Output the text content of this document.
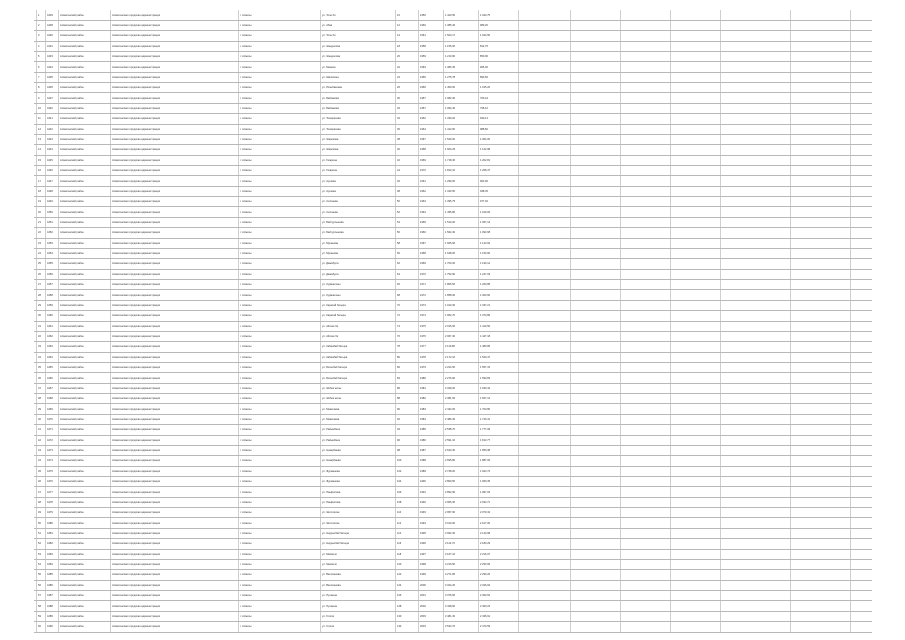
1	4439	Алматинский район	Алматинская городская администрация	г. Алматы	ул. Толе би	10	1956	1 420,50	1 020,75
2	4438	Алматинский район	Алматинская городская администрация	г. Алматы	ул. Абая	12	1960	1 385,40	980,20
3	4430	Алматинский район	Алматинская городская администрация	г. Алматы	ул. Толе би	14	1961	1 503,17	1 044,50
4	4431	Алматинский район	Алматинская городская администрация	г. Алматы	ул. Жандосова	18	1958	1 155,00	812,75
5	4433	Алматинский район	Алматинская городская администрация	г. Алматы	ул. Жандосова	20	1959	1 210,90	850,00
6	4434	Алматинский район	Алматинская городская администрация	г. Алматы	ул. Манаса	22	1963	1 380,45	965,30
7	4435	Алматинский район	Алматинская городская администрация	г. Алматы	ул. Шаляпина	24	1965	1 275,78	890,66
8	4436	Алматинский район	Алматинская городская администрация	г. Алматы	ул. Розыбакиева	26	1966	1 450,00	1 015,20
9	4437	Алматинский район	Алматинская городская администрация	г. Алматы	ул. Байзакова	30	1957	1 082,30	760,44
10 4440	Алматинский район	Алматинская городская администрация	г. Алматы	ул. Байзакова	32	1957	1 094,40	768,10
11 4441	Алматинский район	Алматинская городская администрация	г. Алматы	ул. Тимирязева	34	1962	1 330,20	930,14
12 4442	Алматинский район	Алматинская городская администрация	г. Алматы	ул. Тимирязева	36	1964	1 412,60	988,82
13 4443	Алматинский район	Алматинская городская администрация	г. Алматы	ул. Жарокова	38	1967	1 520,00	1 064,00
14 4444	Алматинский район	Алматинская городская администрация	г. Алматы	ул. Жарокова	40	1968	1 604,25	1 122,98
15 4445	Алматинский район	Алматинская городская администрация	г. Алматы	ул. Гагарина	42	1969	1 718,30	1 202,81
16 4446	Алматинский район	Алматинская городская администрация	г. Алматы	ул. Гагарина	44	1970	1 812,10	1 268,47
17 4447	Алматинский район	Алматинская городская администрация	г. Алматы	ул. Ауэзова	46	1961	1 290,00	903,00
18 4448	Алматинский район	Алматинская городская администрация	г. Алматы	ул. Ауэзова	48	1962	1 340,50	938,35
19 4449	Алматинский район	Алматинская городская администрация	г. Алматы	ул. Сатпаева	50	1963	1 395,75	977,02
20 4450	Алматинский район	Алматинская городская администрация	г. Алматы	ул. Сатпаева	52	1964	1 455,80	1 019,06
21 4451	Алматинский район	Алматинская городская администрация	г. Алматы	ул. Байтурсынова	54	1965	1 510,20	1 057,14
22 4452	Алматинский район	Алматинская городская администрация	г. Алматы	ул. Байтурсынова	56	1966	1 562,40	1 093,68
23 4453	Алматинский район	Алматинская городская администрация	г. Алматы	ул. Муканова	58	1967	1 605,60	1 123,92
24 4454	Алматинский район	Алматинская городская администрация	г. Алматы	ул. Муканова	60	1968	1 648,00	1 153,60
25 4455	Алматинский район	Алматинская городская администрация	г. Алматы	ул. Джамбула	62	1969	1 700,20	1 190,14
26 4456	Алматинский район	Алматинская городская администрация	г. Алматы	ул. Джамбула	64	1970	1 752,90	1 227,03
27 4457	Алматинский район	Алматинская городская администрация	г. Алматы	ул. Курмангазы	66	1971	1 805,50	1 263,85
28 4458	Алматинский район	Алматинская городская администрация	г. Алматы	ул. Курмангазы	68	1972	1 858,00	1 300,60
29 4459	Алматинский район	Алматинская городская администрация	г. Алматы	ул. Карасай батыра	70	1973	1 910,30	1 337,21
30 4460	Алматинский район	Алматинская городская администрация	г. Алматы	ул. Карасай батыра	72	1974	1 962,70	1 373,89
31 4461	Алматинский район	Алматинская городская администрация	г. Алматы	ул. Айтеке би	74	1975	2 015,00	1 410,50
32 4462	Алматинский район	Алматинская городская администрация	г. Алматы	ул. Айтеке би	76	1976	2 067,40	1 447,18
33 4463	Алматинский район	Алматинская городская администрация	г. Алматы	ул. Кабанбай батыра	78	1977	2 119,80	1 483,86
34 4464	Алматинский район	Алматинская городская администрация	г. Алматы	ул. Кабанбай батыра	80	1978	2 172,10	1 520,47
35 4465	Алматинский район	Алматинская городская администрация	г. Алматы	ул. Богенбай батыра	82	1979	2 224,50	1 557,15
36 4466	Алматинский район	Алматинская городская администрация	г. Алматы	ул. Богенбай батыра	84	1980	2 276,90	1 593,83
37 4467	Алматинский район	Алматинская городская администрация	г. Алматы	ул. Жибек жолы	86	1981	2 329,20	1 630,44
38 4468	Алматинский район	Алматинская городская администрация	г. Алматы	ул. Жибек жолы	88	1982	2 381,60	1 667,12
39 4469	Алматинский район	Алматинская городская администрация	г. Алматы	ул. Макатаева	90	1983	2 434,00	1 703,80
40 4470	Алматинский район	Алматинская городская администрация	г. Алматы	ул. Макатаева	92	1984	2 486,30	1 740,41
41 4471	Алматинский район	Алматинская городская администрация	г. Алматы	ул. Райымбека	94	1985	2 538,70	1 777,09
42 4472	Алматинский район	Алматинская городская администрация	г. Алматы	ул. Райымбека	96	1986	2 591,10	1 813,77
43 4473	Алматинский район	Алматинская городская администрация	г. Алматы	ул. Назарбаева	98	1987	2 643,40	1 850,38
44 4474	Алматинский район	Алматинская городская администрация	г. Алматы	ул. Назарбаева	100	1988	2 695,80	1 887,06
45 4475	Алматинский район	Алматинская городская администрация	г. Алматы	ул. Фурманова	102	1989	2 748,20	1 923,74
46 4476	Алматинский район	Алматинская городская администрация	г. Алматы	ул. Фурманова	104	1990	2 800,50	1 960,35
47 4477	Алматинский район	Алматинская городская администрация	г. Алматы	ул. Панфилова	106	1991	2 852,90	1 997,03
48 4478	Алматинский район	Алматинская городская администрация	г. Алматы	ул. Панфилова	108	1992	2 905,30	2 033,71
49 4479	Алматинский район	Алматинская городская администрация	г. Алматы	ул. Желтоксан	110	1993	2 957,60	2 070,32
50 4480	Алматинский район	Алматинская городская администрация	г. Алматы	ул. Желтоксан	112	1994	3 010,00	2 107,00
51 4481	Алматинский район	Алматинская городская администрация	г. Алматы	ул. Наурызбай батыра	114	1995	3 062,40	2 143,68
52 4482	Алматинский район	Алматинская городская администрация	г. Алматы	ул. Наурызбай батыра	116	1996	3 114,70	2 180,29
53 4483	Алматинский район	Алматинская городская администрация	г. Алматы	ул. Масанчи	118	1997	3 167,10	2 216,97
54 4484	Алматинский район	Алматинская городская администрация	г. Алматы	ул. Масанчи	120	1998	3 219,50	2 253,65
55 4485	Алматинский район	Алматинская городская администрация	г. Алматы	ул. Валиханова	122	1999	3 271,80	2 290,26
56 4486	Алматинский район	Алматинская городская администрация	г. Алматы	ул. Валиханова	124	2000	3 324,20	2 326,94
57 4487	Алматинский район	Алматинская городская администрация	г. Алматы	ул. Пушкина	126	2001	3 376,60	2 363,62
58 4488	Алматинский район	Алматинская городская администрация	г. Алматы	ул. Пушкина	128	2002	3 428,90	2 400,23
59 4489	Алматинский район	Алматинская городская администрация	г. Алматы	ул. Гоголя	130	2003	3 481,30	2 436,91
60 4490	Алматинский район	Алматинская городская администрация	г. Алматы	ул. Гоголя	132	2004	3 533,70	2 473,59
